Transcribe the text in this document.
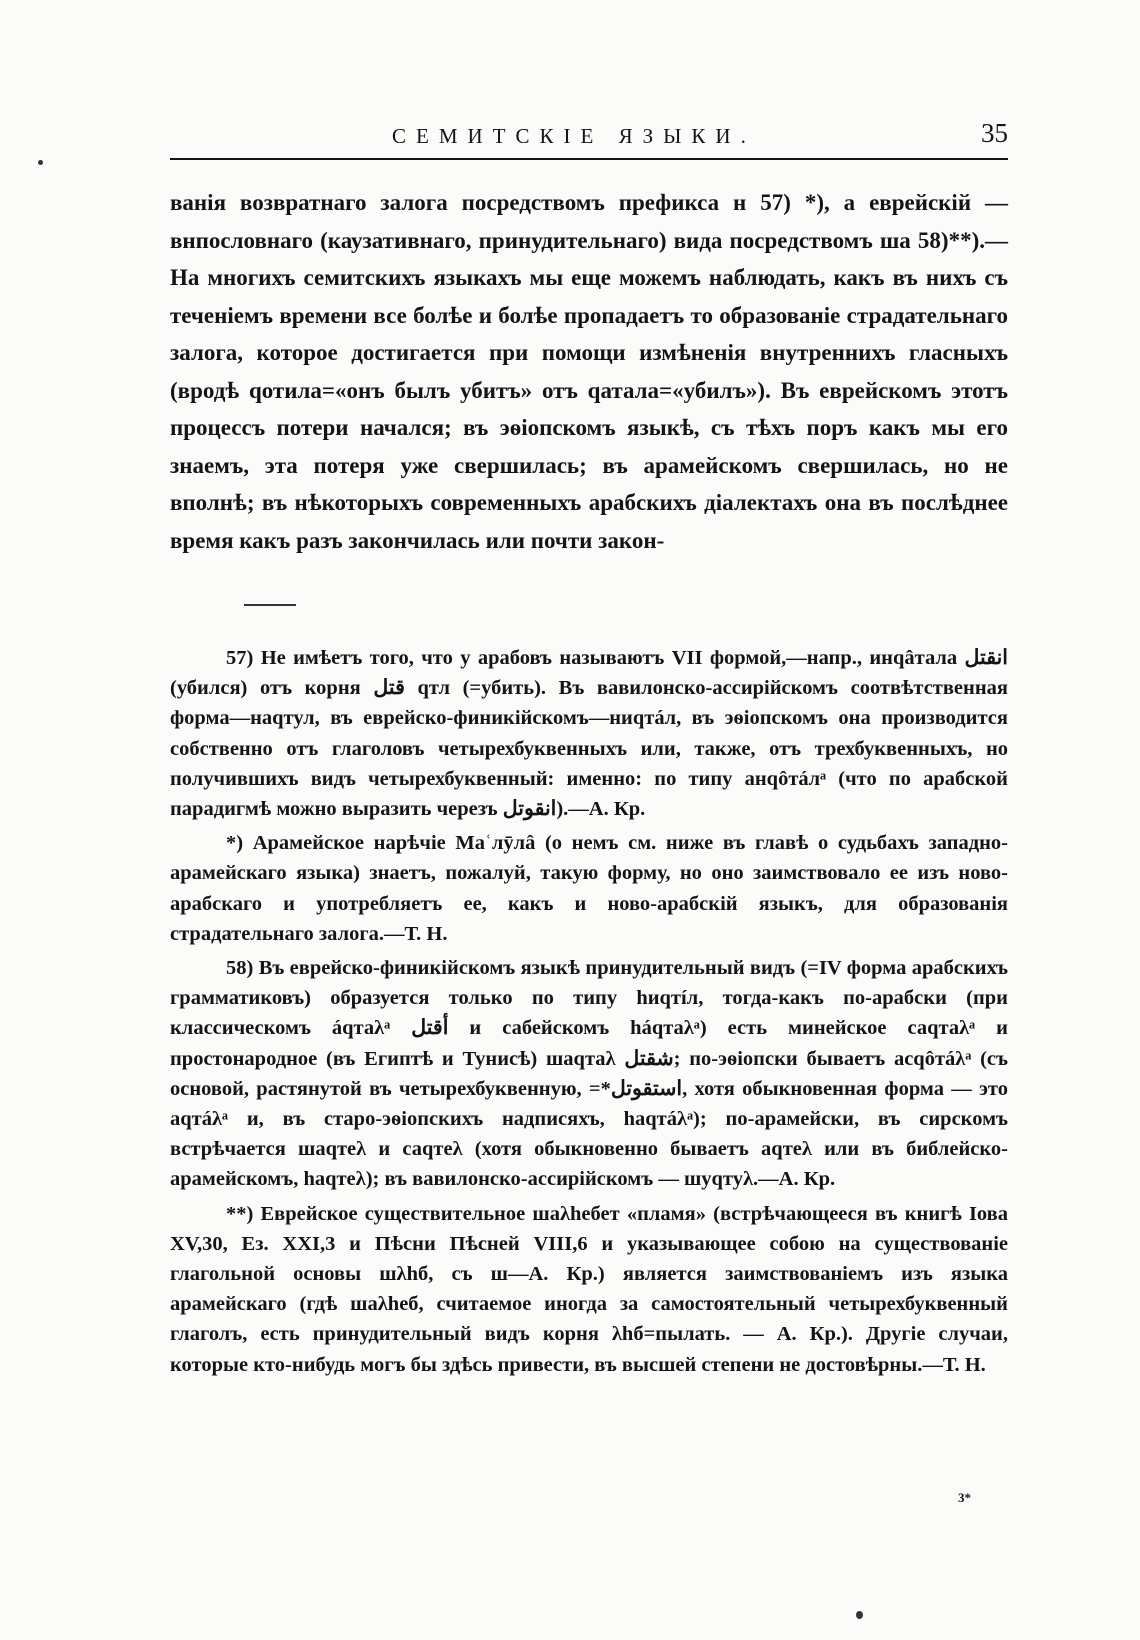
СЕМИТСКІЕ ЯЗЫКИ.	35
ванія возвратнаго залога посредствомъ префикса н 57) *), а еврейскій — внпословнаго (каузативнаго, принудительнаго) вида посредствомъ ша 58)**).— На многихъ семитскихъ языкахъ мы еще можемъ наблюдать, какъ въ нихъ съ теченіемъ времени все болѣе и болѣе пропадаетъ то образованіе страдательнаго залога, которое достигается при помощи измѣненія внутреннихъ гласныхъ (вродѣ qотила=«онъ былъ убитъ» отъ qатала=«убилъ»). Въ еврейскомъ этотъ процессъ потери начался; въ эѳіопскомъ языкѣ, съ тѣхъ поръ какъ мы его знаемъ, эта потеря уже свершилась; въ арамейскомъ свершилась, но не вполнѣ; въ нѣкоторыхъ современныхъ арабскихъ діалектахъ она въ послѣднее время какъ разъ закончилась или почти закон-

57) Не имѣетъ того, что у арабовъ называютъ VII формой,—напр., инqâтала انقتل (убился) отъ корня قتل qтл (=убить). Въ вавилонско-ассирійскомъ соотвѣтственная форма—наqтул, въ еврейско-финикійскомъ—ниqтáл, въ эѳіопскомъ она производится собственно отъ глаголовъ четырехбуквенныхъ или, также, отъ трехбуквенныхъ, но получившихъ видъ четырехбуквенный: именно: по типу анqôтáлᵃ (что по арабской парадигмѣ можно выразить черезъ انقوتل).—А. Кр.

*) Арамейское нарѣчіе Маʿлӯлâ (о немъ см. ниже въ главѣ о судьбахъ западно-арамейскаго языка) знаетъ, пожалуй, такую форму, но оно заимствовало ее изъ ново-арабскаго и употребляетъ ее, какъ и ново-арабскій языкъ, для образованія страдательнаго залога.—Т. Н.

58) Въ еврейско-финикійскомъ языкѣ принудительный видъ (=IV форма арабскихъ грамматиковъ) образуется только по типу hиqтíл, тогда-какъ по-арабски (при классическомъ áqтаλᵃ أقتل и сабейскомъ háqтаλᵃ) есть минейское саqтаλᵃ и простонародное (въ Египтѣ и Тунисѣ) шаqтаλ شقتل; по-эѳіопски бываетъ асqôтáλᵃ (съ основой, растянутой въ четырехбуквенную, =*استقوتل, хотя обыкновенная форма — это аqтáλᵃ и, въ старо-эѳіопскихъ надписяхъ, hаqтáλᵃ); по-арамейски, въ сирскомъ встрѣчается шаqтеλ и саqтеλ (хотя обыкновенно бываетъ аqтеλ или въ библейско-арамейскомъ, hаqтеλ); въ вавилонско-ассирійскомъ — шуqтуλ.—А. Кр.

**) Еврейское существительное шаλhебет «пламя» (встрѣчающееся въ книгѣ Іова XV,30, Ез. XXI,3 и Пѣсни Пѣсней VIII,6 и указывающее собою на существованіе глагольной основы шλhб, съ ш—А. Кр.) является заимствованіемъ изъ языка арамейскаго (гдѣ шаλhеб, считаемое иногда за самостоятельный четырехбуквенный глаголъ, есть принудительный видъ корня λhб=пылать. — А. Кр.). Другіе случаи, которые кто-нибудь могъ бы здѣсь привести, въ высшей степени не достовѣрны.—Т. Н.

3*
